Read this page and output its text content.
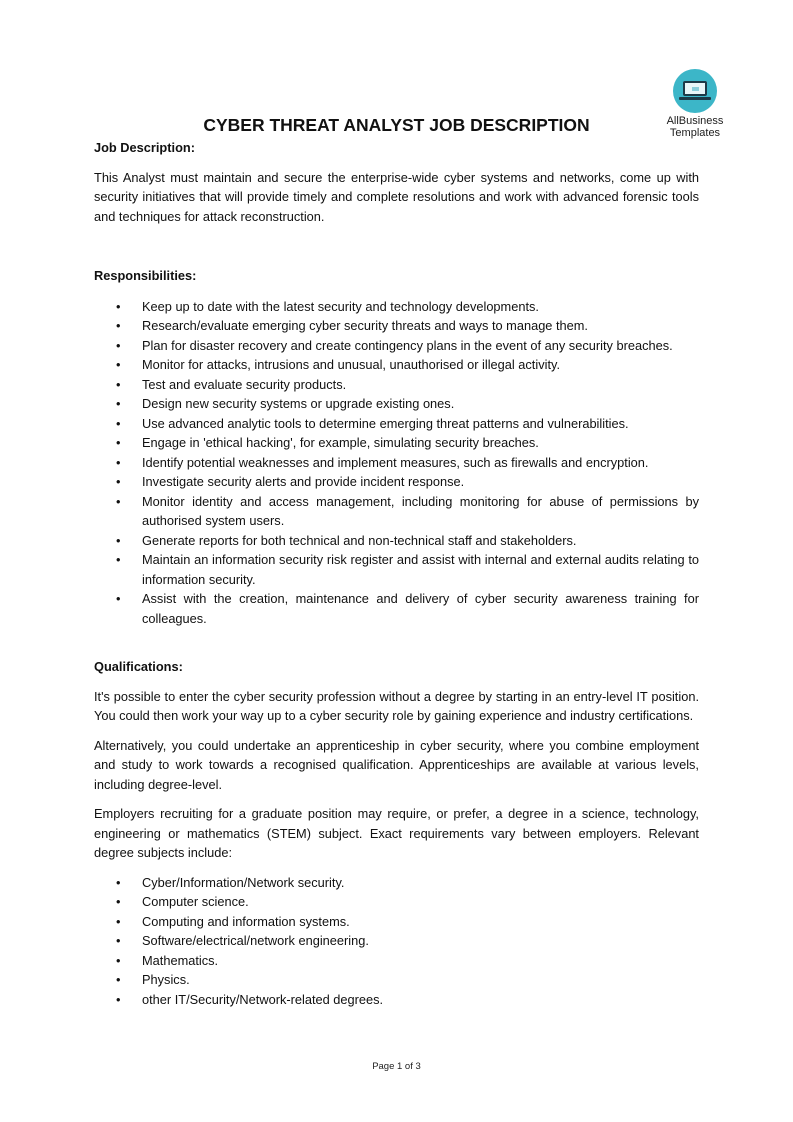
AllBusiness
Templates
CYBER THREAT ANALYST JOB DESCRIPTION
Job Description:

This Analyst must maintain and secure the enterprise-wide cyber systems and networks, come up with security initiatives that will provide timely and complete resolutions and work with advanced forensic tools and techniques for attack reconstruction.

Responsibilities:
• Keep up to date with the latest security and technology developments.
• Research/evaluate emerging cyber security threats and ways to manage them.
• Plan for disaster recovery and create contingency plans in the event of any security breaches.
• Monitor for attacks, intrusions and unusual, unauthorised or illegal activity.
• Test and evaluate security products.
• Design new security systems or upgrade existing ones.
• Use advanced analytic tools to determine emerging threat patterns and vulnerabilities.
• Engage in 'ethical hacking', for example, simulating security breaches.
• Identify potential weaknesses and implement measures, such as firewalls and encryption.
• Investigate security alerts and provide incident response.
• Monitor identity and access management, including monitoring for abuse of permissions by authorised system users.
• Generate reports for both technical and non-technical staff and stakeholders.
• Maintain an information security risk register and assist with internal and external audits relating to information security.
• Assist with the creation, maintenance and delivery of cyber security awareness training for colleagues.
Qualifications:

It's possible to enter the cyber security profession without a degree by starting in an entry-level IT position. You could then work your way up to a cyber security role by gaining experience and industry certifications.

Alternatively, you could undertake an apprenticeship in cyber security, where you combine employment and study to work towards a recognised qualification. Apprenticeships are available at various levels, including degree-level.

Employers recruiting for a graduate position may require, or prefer, a degree in a science, technology, engineering or mathematics (STEM) subject. Exact requirements vary between employers. Relevant degree subjects include:

• Cyber/Information/Network security.
• Computer science.
• Computing and information systems.
• Software/electrical/network engineering.
• Mathematics.
• Physics.
• other IT/Security/Network-related degrees.
Page 1 of 3
